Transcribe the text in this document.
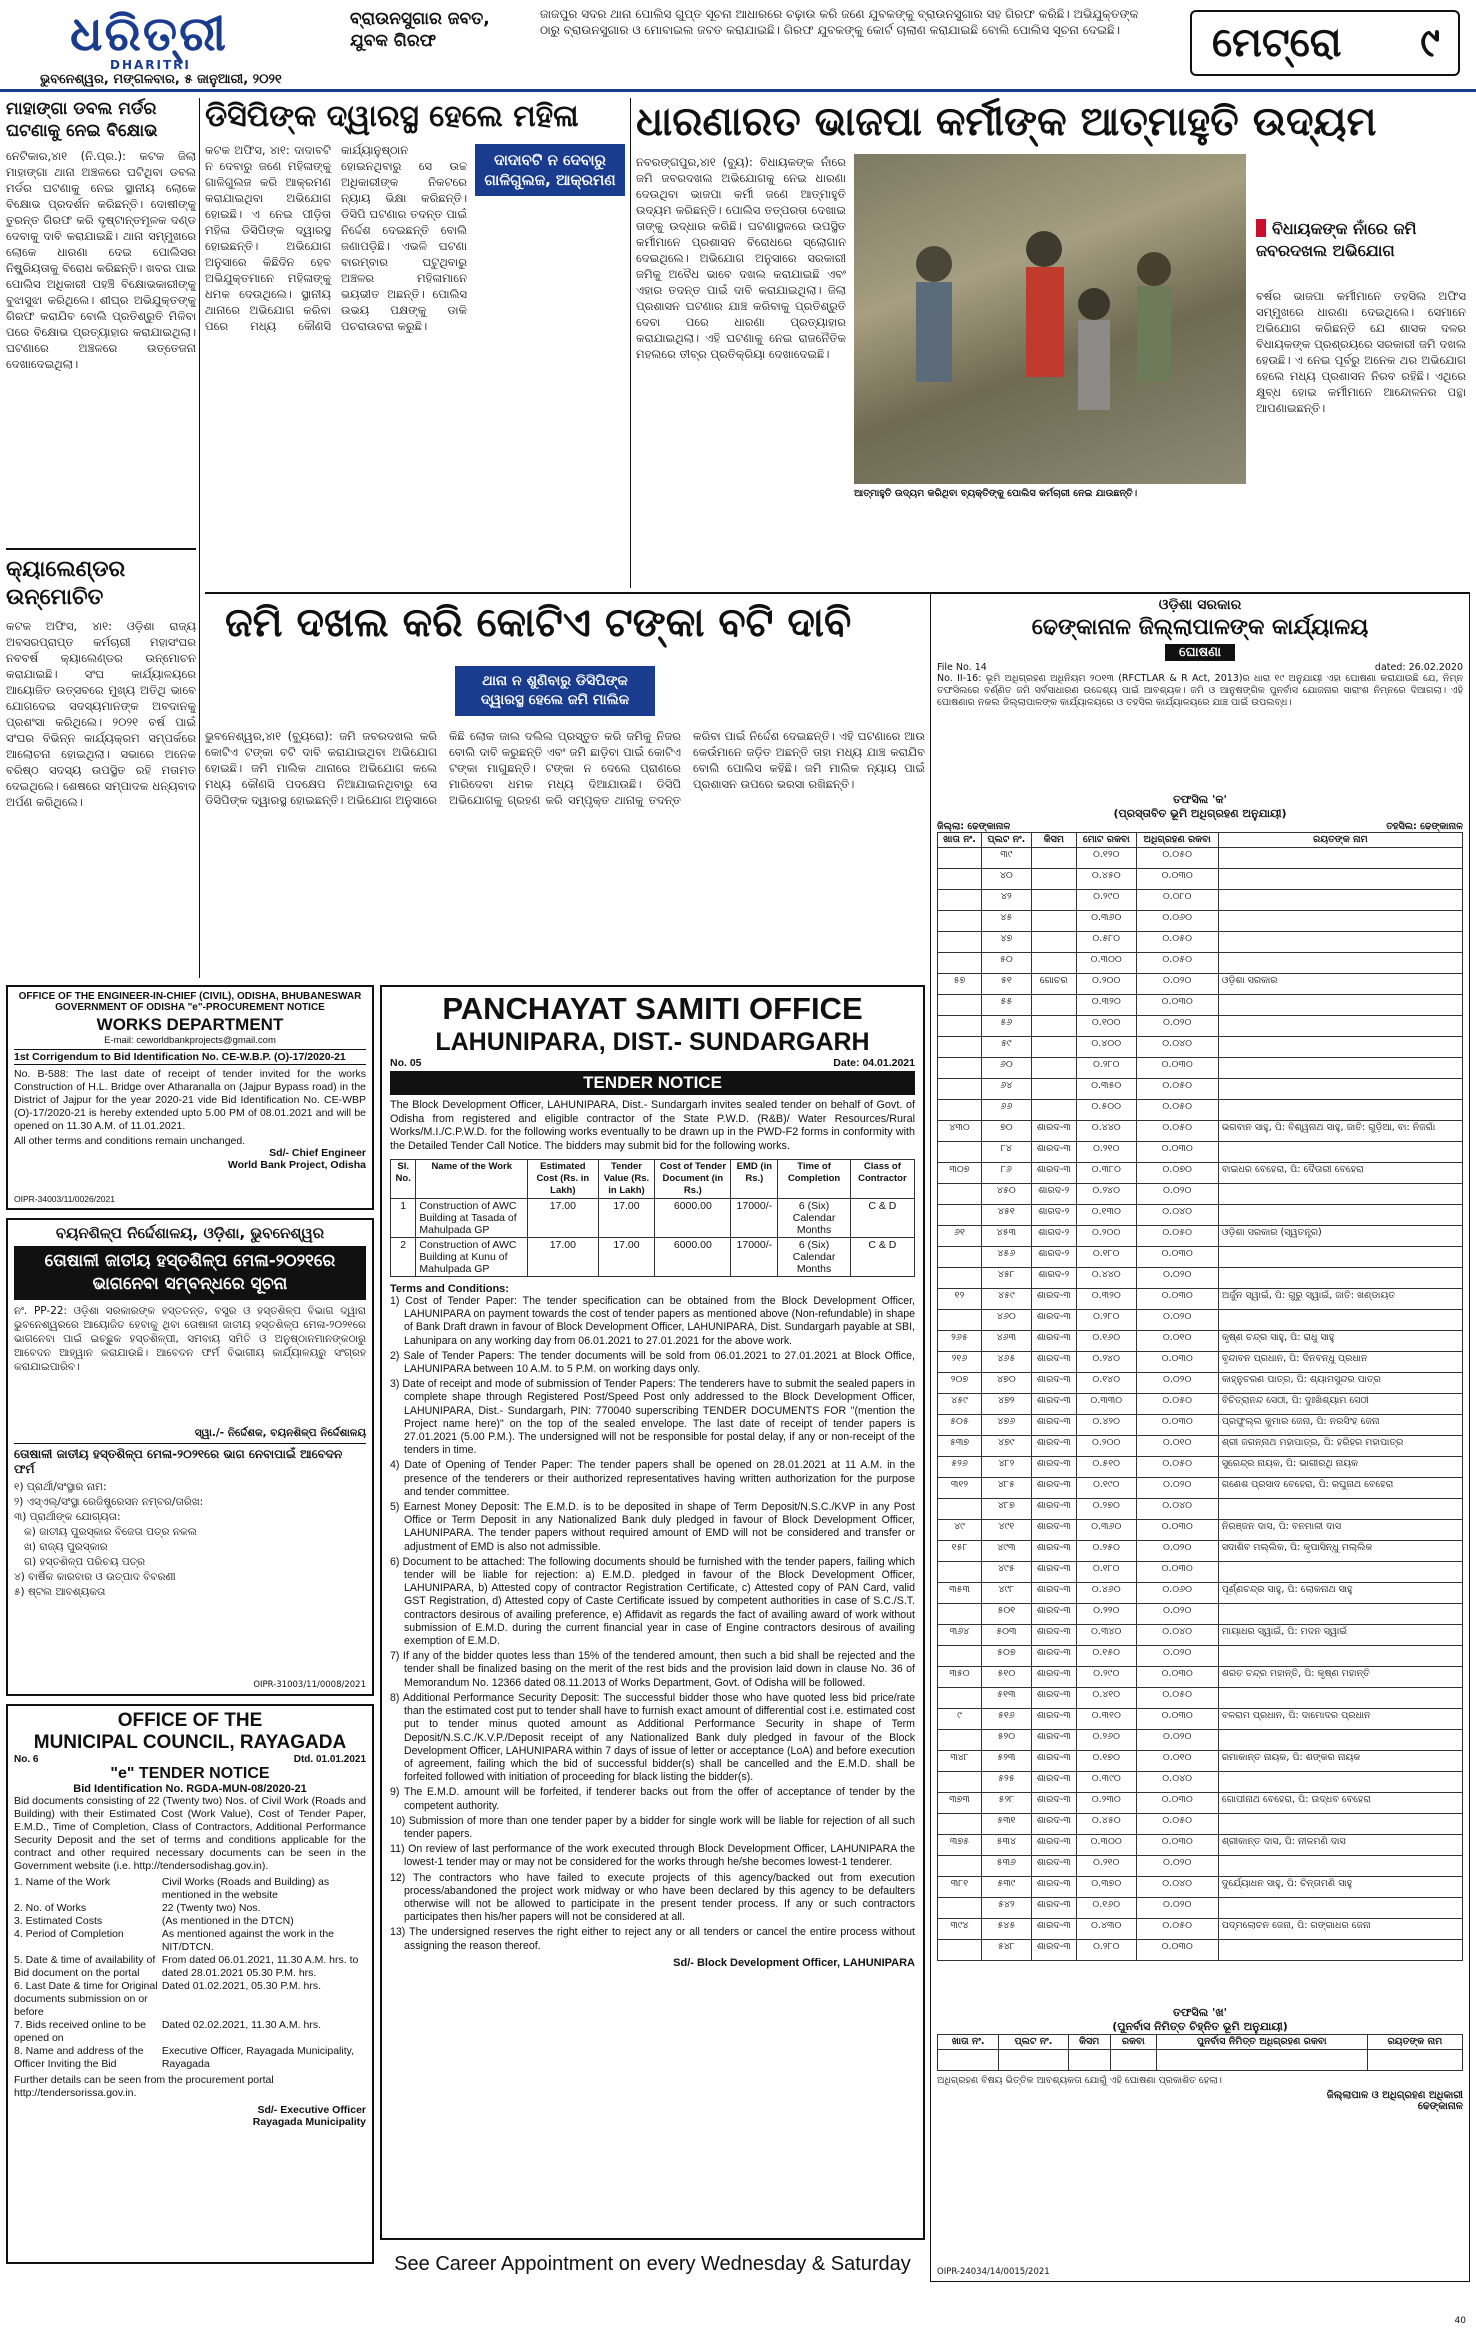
ଧରିତ୍ରୀ
DHARITRI
ଭୁବନେଶ୍ୱର, ମଙ୍ଗଳବାର, ୫ ଜାନୁଆରୀ, ୨୦୨୧
ବ୍ରାଉନସୁଗାର ଜବତ, ଯୁବକ ଗିରଫ
ଜାଜପୁର ସଦର ଥାନା ପୋଲିସ ଗୁପ୍ତ ସୂଚନା ଆଧାରରେ ଚଢ଼ାଉ କରି ଜଣେ ଯୁବକଙ୍କୁ ବ୍ରାଉନସୁଗାର ସହ ଗିରଫ କରିଛି। ଅଭିଯୁକ୍ତଙ୍କ ଠାରୁ ବ୍ରାଉନସୁଗାର ଓ ମୋବାଇଲ ଜବତ କରାଯାଇଛି। ଗିରଫ ଯୁବକଙ୍କୁ କୋର୍ଟ ଚାଲାଣ କରାଯାଇଛି ବୋଲି ପୋଲିସ ସୂଚନା ଦେଇଛି।	ମେଟ୍ରୋ ୯
ମାହାଙ୍ଗା ଡବଲ ମର୍ଡର ଘଟଣାକୁ ନେଇ ବିକ୍ଷୋଭ
ନେଟିକାର,୪ା୧ (ନି.ପ୍ର.): କଟକ ଜିଲା ମାହାଙ୍ଗା ଥାନା ଅଞ୍ଚଳରେ ଘଟିଥିବା ଡବଲ ମର୍ଡର ଘଟଣାକୁ ନେଇ ସ୍ଥାନୀୟ ଲୋକେ ବିକ୍ଷୋଭ ପ୍ରଦର୍ଶନ କରିଛନ୍ତି। ଦୋଷୀଙ୍କୁ ତୁରନ୍ତ ଗିରଫ କରି ଦୃଷ୍ଟାନ୍ତମୂଳକ ଦଣ୍ଡ ଦେବାକୁ ଦାବି କରାଯାଇଛି। ଥାନା ସମ୍ମୁଖରେ ଲୋକେ ଧାରଣା ଦେଇ ପୋଲିସର ନିଷ୍କ୍ରିୟତାକୁ ବିରୋଧ କରିଛନ୍ତି। ଖବର ପାଇ ପୋଲିସ ଅଧିକାରୀ ପହଞ୍ଚି ବିକ୍ଷୋଭକାରୀଙ୍କୁ ବୁଝାସୁଝା କରିଥିଲେ। ଶୀଘ୍ର ଅଭିଯୁକ୍ତଙ୍କୁ ଗିରଫ କରାଯିବ ବୋଲି ପ୍ରତିଶ୍ରୁତି ମିଳିବା ପରେ ବିକ୍ଷୋଭ ପ୍ରତ୍ୟାହାର କରାଯାଇଥିଲା। ଘଟଣାରେ ଅଞ୍ଚଳରେ ଉତ୍ତେଜନା ଦେଖାଦେଇଥିଲା।
କ୍ୟାଲେଣ୍ଡର ଉନ୍ମୋଚିତ
କଟକ ଅଫିସ, ୪ା୧: ଓଡ଼ିଶା ରାଜ୍ୟ ଅବସରପ୍ରାପ୍ତ କର୍ମଚାରୀ ମହାସଂଘର ନବବର୍ଷ କ୍ୟାଲେଣ୍ଡର ଉନ୍ମୋଚନ କରାଯାଇଛି। ସଂଘ କାର୍ଯ୍ୟାଳୟରେ ଆୟୋଜିତ ଉତ୍ସବରେ ମୁଖ୍ୟ ଅତିଥି ଭାବେ ଯୋଗଦେଇ ସଦସ୍ୟମାନଙ୍କ ଅବଦାନକୁ ପ୍ରଶଂସା କରିଥିଲେ। ୨୦୨୧ ବର୍ଷ ପାଇଁ ସଂଘର ବିଭିନ୍ନ କାର୍ଯ୍ୟକ୍ରମ ସମ୍ପର୍କରେ ଆଲୋଚନା ହୋଇଥିଲା। ସଭାରେ ଅନେକ ବରିଷ୍ଠ ସଦସ୍ୟ ଉପସ୍ଥିତ ରହି ମତାମତ ଦେଇଥିଲେ। ଶେଷରେ ସମ୍ପାଦକ ଧନ୍ୟବାଦ ଅର୍ପଣ କରିଥିଲେ।
ଡିସିପିଙ୍କ ଦ୍ୱାରସ୍ଥ ହେଲେ ମହିଳା
ଦାଦାବଟି ନ ଦେବାରୁ ଗାଳିଗୁଲଜ, ଆକ୍ରମଣ
କଟକ ଅଫିସ, ୪ା୧: ଦାଦାବଟି ନ ଦେବାରୁ ଜଣେ ମହିଳାଙ୍କୁ ଗାଳିଗୁଲଜ କରି ଆକ୍ରମଣ କରାଯାଇଥିବା ଅଭିଯୋଗ ହୋଇଛି। ଏ ନେଇ ପୀଡ଼ିତା ମହିଳା ଡିସିପିଙ୍କ ଦ୍ୱାରସ୍ଥ ହୋଇଛନ୍ତି। ଅଭିଯୋଗ ଅନୁସାରେ କିଛିଦିନ ହେବ ଅଭିଯୁକ୍ତମାନେ ମହିଳାଙ୍କୁ ଧମକ ଦେଉଥିଲେ। ସ୍ଥାନୀୟ ଥାନାରେ ଅଭିଯୋଗ କରିବା ପରେ ମଧ୍ୟ କୌଣସି କାର୍ଯ୍ୟାନୁଷ୍ଠାନ ହୋଇନଥିବାରୁ ସେ ଉଚ୍ଚ ଅଧିକାରୀଙ୍କ ନିକଟରେ ନ୍ୟାୟ ଭିକ୍ଷା କରିଛନ୍ତି। ଡିସିପି ଘଟଣାର ତଦନ୍ତ ପାଇଁ ନିର୍ଦ୍ଦେଶ ଦେଇଛନ୍ତି ବୋଲି ଜଣାପଡ଼ିଛି। ଏଭଳି ଘଟଣା ବାରମ୍ବାର ଘଟୁଥିବାରୁ ଅଞ୍ଚଳର ମହିଳାମାନେ ଭୟଭୀତ ଅଛନ୍ତି। ପୋଲିସ ଉଭୟ ପକ୍ଷଙ୍କୁ ଡାକି ପଚରାଉଚରା କରୁଛି।
ଧାରଣାରତ ଭାଜପା କର୍ମୀଙ୍କ ଆତ୍ମାହୁତି ଉଦ୍ୟମ
ନବରଙ୍ଗପୁର,୪ା୧ (ବ୍ୟୁ): ବିଧାୟକଙ୍କ ନାଁରେ ଜମି ଜବରଦଖଲ ଅଭିଯୋଗକୁ ନେଇ ଧାରଣା ଦେଉଥିବା ଭାଜପା କର୍ମୀ ଜଣେ ଆତ୍ମାହୁତି ଉଦ୍ୟମ କରିଛନ୍ତି। ପୋଲିସ ତତ୍ପରତା ଦେଖାଇ ତାଙ୍କୁ ଉଦ୍ଧାର କରିଛି। ଘଟଣାସ୍ଥଳରେ ଉପସ୍ଥିତ କର୍ମୀମାନେ ପ୍ରଶାସନ ବିରୋଧରେ ସ୍ଲୋଗାନ ଦେଇଥିଲେ। ଅଭିଯୋଗ ଅନୁସାରେ ସରକାରୀ ଜମିକୁ ଅବୈଧ ଭାବେ ଦଖଲ କରାଯାଇଛି ଏବଂ ଏହାର ତଦନ୍ତ ପାଇଁ ଦାବି କରାଯାଇଥିଲା। ଜିଲା ପ୍ରଶାସନ ଘଟଣାର ଯାଞ୍ଚ କରିବାକୁ ପ୍ରତିଶ୍ରୁତି ଦେବା ପରେ ଧାରଣା ପ୍ରତ୍ୟାହାର କରାଯାଇଥିଲା। ଏହି ଘଟଣାକୁ ନେଇ ରାଜନୈତିକ ମହଲରେ ତୀବ୍ର ପ୍ରତିକ୍ରିୟା ଦେଖାଦେଇଛି।
ଆତ୍ମାହୁତି ଉଦ୍ୟମ କରିଥିବା ବ୍ୟକ୍ତିଙ୍କୁ ପୋଲିସ କର୍ମଚାରୀ ନେଇ ଯାଉଛନ୍ତି।
ବିଧାୟକଙ୍କ ନାଁରେ ଜମି ଜବରଦଖଲ ଅଭିଯୋଗ
ବର୍ଷର ଭାଜପା କର୍ମୀମାନେ ତହସିଲ ଅଫିସ ସମ୍ମୁଖରେ ଧାରଣା ଦେଇଥିଲେ। ସେମାନେ ଅଭିଯୋଗ କରିଛନ୍ତି ଯେ ଶାସକ ଦଳର ବିଧାୟକଙ୍କ ପ୍ରଶ୍ରୟରେ ସରକାରୀ ଜମି ଦଖଲ ହେଉଛି। ଏ ନେଇ ପୂର୍ବରୁ ଅନେକ ଥର ଅଭିଯୋଗ ହେଲେ ମଧ୍ୟ ପ୍ରଶାସନ ନିରବ ରହିଛି। ଏଥିରେ କ୍ଷୁବ୍ଧ ହୋଇ କର୍ମୀମାନେ ଆନ୍ଦୋଳନର ପନ୍ଥା ଆପଣାଇଛନ୍ତି।
ଜମି ଦଖଲ କରି କୋଟିଏ ଟଙ୍କା ବଟି ଦାବି
ଥାନା ନ ଶୁଣିବାରୁ ଡିସିପିଙ୍କ ଦ୍ୱାରସ୍ଥ ହେଲେ ଜମି ମାଲିକ
ଭୁବନେଶ୍ୱର,୪ା୧ (ବ୍ୟୁରୋ): ଜମି ଜବରଦଖଲ କରି କୋଟିଏ ଟଙ୍କା ବଟି ଦାବି କରାଯାଇଥିବା ଅଭିଯୋଗ ହୋଇଛି। ଜମି ମାଲିକ ଥାନାରେ ଅଭିଯୋଗ କଲେ ମଧ୍ୟ କୌଣସି ପଦକ୍ଷେପ ନିଆଯାଇନଥିବାରୁ ସେ ଡିସିପିଙ୍କ ଦ୍ୱାରସ୍ଥ ହୋଇଛନ୍ତି। ଅଭିଯୋଗ ଅନୁସାରେ କିଛି ଲୋକ ଜାଲ ଦଲିଲ ପ୍ରସ୍ତୁତ କରି ଜମିକୁ ନିଜର ବୋଲି ଦାବି କରୁଛନ୍ତି ଏବଂ ଜମି ଛାଡ଼ିବା ପାଇଁ କୋଟିଏ ଟଙ୍କା ମାଗୁଛନ୍ତି। ଟଙ୍କା ନ ଦେଲେ ପ୍ରାଣରେ ମାରିଦେବା ଧମକ ମଧ୍ୟ ଦିଆଯାଉଛି। ଡିସିପି ଅଭିଯୋଗକୁ ଗ୍ରହଣ କରି ସମ୍ପୃକ୍ତ ଥାନାକୁ ତଦନ୍ତ କରିବା ପାଇଁ ନିର୍ଦ୍ଦେଶ ଦେଇଛନ୍ତି। ଏହି ଘଟଣାରେ ଆଉ କେଉଁମାନେ ଜଡ଼ିତ ଅଛନ୍ତି ତାହା ମଧ୍ୟ ଯାଞ୍ଚ କରାଯିବ ବୋଲି ପୋଲିସ କହିଛି। ଜମି ମାଲିକ ନ୍ୟାୟ ପାଇଁ ପ୍ରଶାସନ ଉପରେ ଭରସା ରଖିଛନ୍ତି।
OFFICE OF THE ENGINEER-IN-CHIEF (CIVIL), ODISHA, BHUBANESWAR
GOVERNMENT OF ODISHA "e"-PROCUREMENT NOTICE
WORKS DEPARTMENT
E-mail: ceworldbankprojects@gmail.com
1st Corrigendum to Bid Identification No. CE-W.B.P. (O)-17/2020-21
No. B-588: The last date of receipt of tender invited for the works Construction of H.L. Bridge over Atharanalla on (Jajpur Bypass road) in the District of Jajpur for the year 2020-21 vide Bid Identification No. CE-WBP (O)-17/2020-21 is hereby extended upto 5.00 PM of 08.01.2021 and will be opened on 11.30 A.M. of 11.01.2021.
All other terms and conditions remain unchanged.
Sd/- Chief Engineer
World Bank Project, Odisha
OIPR-34003/11/0026/2021
ବୟନଶିଳ୍ପ ନିର୍ଦ୍ଦେଶାଳୟ, ଓଡ଼ିଶା, ଭୁବନେଶ୍ୱର
ତୋଷାଳୀ ଜାତୀୟ ହସ୍ତଶିଳ୍ପ ମେଳା-୨୦୨୧ରେ ଭାଗନେବା ସମ୍ବନ୍ଧରେ ସୂଚନା
ନଂ. PP-22: ଓଡ଼ିଶା ସରକାରଙ୍କ ହସ୍ତତନ୍ତ, ବସ୍ତ୍ର ଓ ହସ୍ତଶିଳ୍ପ ବିଭାଗ ଦ୍ୱାରା ଭୁବନେଶ୍ୱରରେ ଆୟୋଜିତ ହେବାକୁ ଥିବା ତୋଷାଳୀ ଜାତୀୟ ହସ୍ତଶିଳ୍ପ ମେଳା-୨୦୨୧ରେ ଭାଗନେବା ପାଇଁ ଇଚ୍ଛୁକ ହସ୍ତଶିଳ୍ପୀ, ସମବାୟ ସମିତି ଓ ଅନୁଷ୍ଠାନମାନଙ୍କଠାରୁ ଆବେଦନ ଆହ୍ୱାନ କରାଯାଉଛି। ଆବେଦନ ଫର୍ମ ବିଭାଗୀୟ କାର୍ଯ୍ୟାଳୟରୁ ସଂଗ୍ରହ କରାଯାଇପାରିବ।
ସ୍ୱା./- ନିର୍ଦ୍ଦେଶକ, ବୟନଶିଳ୍ପ ନିର୍ଦ୍ଦେଶାଳୟ
ତୋଷାଳୀ ଜାତୀୟ ହସ୍ତଶିଳ୍ପ ମେଳା-୨୦୨୧ରେ ଭାଗ ନେବାପାଇଁ ଆବେଦନ ଫର୍ମ
୧) ପ୍ରାର୍ଥୀ/ସଂସ୍ଥାର ନାମ:
୨) ଏସ୍ଏଲ୍/ସଂସ୍ଥା ରେଜିଷ୍ଟ୍ରେସନ ନମ୍ବର/ତାରିଖ:
୩) ପ୍ରାର୍ଥୀଙ୍କ ଯୋଗ୍ୟତା:
କ) ଜାତୀୟ ପୁରସ୍କାର ବିଜେତା ପତ୍ର ନକଲ
ଖ) ରାଜ୍ୟ ପୁରସ୍କାର
ଗ) ହସ୍ତଶିଳ୍ପ ପରିଚୟ ପତ୍ର
୪) ବାର୍ଷିକ କାରବାର ଓ ଉତ୍ପାଦ ବିବରଣୀ
୫) ଷ୍ଟଲ ଆବଶ୍ୟକତା
OIPR-31003/11/0008/2021
OFFICE OF THE
MUNICIPAL COUNCIL, RAYAGADA
No. 6	Dtd. 01.01.2021
"e" TENDER NOTICE
Bid Identification No. RGDA-MUN-08/2020-21
Bid documents consisting of 22 (Twenty two) Nos. of Civil Work (Roads and Building) with their Estimated Cost (Work Value), Cost of Tender Paper, E.M.D., Time of Completion, Class of Contractors, Additional Performance Security Deposit and the set of terms and conditions applicable for the contract and other required necessary documents can be seen in the Government website (i.e. http://tendersodishag.gov.in).
1. Name of the Work	Civil Works (Roads and Building) as mentioned in the website
2. No. of Works	22 (Twenty two) Nos.
3. Estimated Costs	(As mentioned in the DTCN)
4. Period of Completion	As mentioned against the work in the NIT/DTCN.
5. Date & time of availability of Bid document on the portal	From dated 06.01.2021, 11.30 A.M. hrs. to dated 28.01.2021 05.30 P.M. hrs.
6. Last Date & time for Original documents submission on or before	Dated 01.02.2021, 05.30 P.M. hrs.
7. Bids received online to be opened on	Dated 02.02.2021, 11.30 A.M. hrs.
8. Name and address of the Officer Inviting the Bid	Executive Officer, Rayagada Municipality, Rayagada
Further details can be seen from the procurement portal http://tendersorissa.gov.in.
Sd/- Executive Officer
Rayagada Municipality
PANCHAYAT SAMITI OFFICE
LAHUNIPARA, DIST.- SUNDARGARH
No. 05	Date: 04.01.2021
TENDER NOTICE
The Block Development Officer, LAHUNIPARA, Dist.- Sundargarh invites sealed tender on behalf of Govt. of Odisha from registered and eligible contractor of the State P.W.D. (R&B)/ Water Resources/Rural Works/M.I./C.P.W.D. for the following works eventually to be drawn up in the PWD-F2 forms in conformity with the Detailed Tender Call Notice. The bidders may submit bid for the following works.
Sl. No.	Name of the Work	Estimated Cost (Rs. in Lakh)	Tender Value (Rs. in Lakh)	Cost of Tender Document (in Rs.)	EMD (in Rs.)	Time of Completion	Class of Contractor
1	Construction of AWC Building at Tasada of Mahulpada GP	17.00	17.00	6000.00	17000/-	6 (Six) Calendar Months	C & D
2	Construction of AWC Building at Kunu of Mahulpada GP	17.00	17.00	6000.00	17000/-	6 (Six) Calendar Months	C & D
Terms and Conditions:
1) Cost of Tender Paper: The tender specification can be obtained from the Block Development Officer, LAHUNIPARA on payment towards the cost of tender papers as mentioned above (Non-refundable) in shape of Bank Draft drawn in favour of Block Development Officer, LAHUNIPARA, Dist. Sundargarh payable at SBI, Lahunipara on any working day from 06.01.2021 to 27.01.2021 for the above work.
2) Sale of Tender Papers: The tender documents will be sold from 06.01.2021 to 27.01.2021 at Block Office, LAHUNIPARA between 10 A.M. to 5 P.M. on working days only.
3) Date of receipt and mode of submission of Tender Papers: The tenderers have to submit the sealed papers in complete shape through Registered Post/Speed Post only addressed to the Block Development Officer, LAHUNIPARA, Dist.- Sundargarh, PIN: 770040 superscribing TENDER DOCUMENTS FOR "(mention the Project name here)" on the top of the sealed envelope. The last date of receipt of tender papers is 27.01.2021 (5.00 P.M.). The undersigned will not be responsible for postal delay, if any or non-receipt of the tenders in time.
4) Date of Opening of Tender Paper: The tender papers shall be opened on 28.01.2021 at 11 A.M. in the presence of the tenderers or their authorized representatives having written authorization for the purpose and tender committee.
5) Earnest Money Deposit: The E.M.D. is to be deposited in shape of Term Deposit/N.S.C./KVP in any Post Office or Term Deposit in any Nationalized Bank duly pledged in favour of Block Development Officer, LAHUNIPARA. The tender papers without required amount of EMD will not be considered and transfer or adjustment of EMD is also not admissible.
6) Document to be attached: The following documents should be furnished with the tender papers, failing which tender will be liable for rejection: a) E.M.D. pledged in favour of the Block Development Officer, LAHUNIPARA, b) Attested copy of contractor Registration Certificate, c) Attested copy of PAN Card, valid GST Registration, d) Attested copy of Caste Certificate issued by competent authorities in case of S.C./S.T. contractors desirous of availing preference, e) Affidavit as regards the fact of availing award of work without submission of E.M.D. during the current financial year in case of Engine contractors desirous of availing exemption of E.M.D.
7) If any of the bidder quotes less than 15% of the tendered amount, then such a bid shall be rejected and the tender shall be finalized basing on the merit of the rest bids and the provision laid down in clause No. 36 of Memorandum No. 12366 dated 08.11.2013 of Works Department, Govt. of Odisha will be followed.
8) Additional Performance Security Deposit: The successful bidder those who have quoted less bid price/rate than the estimated cost put to tender shall have to furnish exact amount of differential cost i.e. estimated cost put to tender minus quoted amount as Additional Performance Security in shape of Term Deposit/N.S.C./K.V.P./Deposit receipt of any Nationalized Bank duly pledged in favour of the Block Development Officer, LAHUNIPARA within 7 days of issue of letter or acceptance (LoA) and before execution of agreement, failing which the bid of successful bidder(s) shall be cancelled and the E.M.D. shall be forfeited followed with initiation of proceeding for black listing the bidder(s).
9) The E.M.D. amount will be forfeited, if tenderer backs out from the offer of acceptance of tender by the competent authority.
10) Submission of more than one tender paper by a bidder for single work will be liable for rejection of all such tender papers.
11) On review of last performance of the work executed through Block Development Officer, LAHUNIPARA the lowest-1 tender may or may not be considered for the works through he/she becomes lowest-1 tenderer.
12) The contractors who have failed to execute projects of this agency/backed out from execution process/abandoned the project work midway or who have been declared by this agency to be defaulters otherwise will not be allowed to participate in the present tender process. If any or such contractors participates then his/her papers will not be considered at all.
13) The undersigned reserves the right either to reject any or all tenders or cancel the entire process without assigning the reason thereof.
Sd/- Block Development Officer, LAHUNIPARA
See Career Appointment on every Wednesday & Saturday
ଓଡ଼ିଶା ସରକାର
ଢେଙ୍କାନାଳ ଜିଲ୍ଲାପାଳଙ୍କ କାର୍ଯ୍ୟାଳୟ
ଘୋଷଣା
File No. 14	dated: 26.02.2020
No. II-16: ଭୂମି ଅଧିଗ୍ରହଣ ଅଧିନିୟମ ୨୦୧୩ (RFCTLAR & R Act, 2013)ର ଧାରା ୧୯ ଅନୁଯାୟୀ ଏହା ଘୋଷଣା କରାଯାଉଛି ଯେ, ନିମ୍ନ ତଫସିଲରେ ବର୍ଣ୍ଣିତ ଜମି ସର୍ବସାଧାରଣ ଉଦ୍ଦେଶ୍ୟ ପାଇଁ ଆବଶ୍ୟକ। ଜମି ଓ ଆନୁଷଙ୍ଗିକ ପୁନର୍ବାସ ଯୋଜନାର ସାରାଂଶ ନିମ୍ନରେ ଦିଆଗଲା। ଏହି ଘୋଷଣାର ନକଲ ଜିଲ୍ଲାପାଳଙ୍କ କାର୍ଯ୍ୟାଳୟରେ ଓ ତହସିଲ କାର୍ଯ୍ୟାଳୟରେ ଯାଞ୍ଚ ପାଇଁ ଉପଲବ୍ଧ।
ତଫସିଲ 'କ'
(ପ୍ରସ୍ତାବିତ ଭୂମି ଅଧିଗ୍ରହଣ ଅନୁଯାୟୀ)
ଜିଲ୍ଲା: ଢେଙ୍କାନାଳ	ତହସିଲ: ଢେଙ୍କାନାଳ
ଖାତା ନଂ.	ପ୍ଲଟ ନଂ.	କିସମ	ମୋଟ ରକବା	ଅଧିଗ୍ରହଣ ରକବା	ରୟତଙ୍କ ନାମ
	୩୯		୦.୧୨୦	୦.୦୫୦	
	୪୦		୦.୪୫୦	୦.୦୩୦	
	୪୨		୦.୨୯୦	୦.୦୮୦	
	୪୫		୦.୩୬୦	୦.୦୬୦	
	୪୭		୦.୫୮୦	୦.୦୫୦	
	୫୦		୦.୩୦୦	୦.୦୫୦	
୫୭	୫୧	ଗୋଚର	୦.୨୦୦	୦.୦୨୦	ଓଡ଼ିଶା ସରକାର
	୫୫		୦.୩୨୦	୦.୦୩୦	
	୫୬		୦.୧୦୦	୦.୦୨୦	
	୫୯		୦.୪୦୦	୦.୦୪୦	
	୬୦		୦.୨୮୦	୦.୦୩୦	
	୬୪		୦.୩୫୦	୦.୦୫୦	
	୬୬		୦.୫୦୦	୦.୦୫୦	
୪୩୦	୭୦	ଶାରଦ-୩	୦.୪୪୦	୦.୦୫୦	ଭଗବାନ ସାହୁ, ପି: ବିଶ୍ୱନାଥ ସାହୁ, ଜାତି: ଗୁଡ଼ିଆ, ବା: ନିଜଗାଁ
	୮୪	ଶାରଦ-୩	୦.୨୧୦	୦.୦୩୦	
୩୦୭	୮୬	ଶାରଦ-୩	୦.୩୮୦	୦.୦୭୦	ବାଇଧର ବେହେରା, ପି: ଦୈତାରୀ ବେହେରା
	୪୫୦	ଶାରଦ-୨	୦.୨୪୦	୦.୦୨୦	
	୪୫୧	ଶାରଦ-୨	୦.୧୩୦	୦.୦୪୦	
୬୧	୪୫୩	ଶାରଦ-୨	୦.୨୦୦	୦.୦୫୦	ଓଡ଼ିଶା ସରକାର (ସ୍ୱତନ୍ତ୍ର)
	୪୫୬	ଶାରଦ-୨	୦.୧୮୦	୦.୦୩୦	
	୪୫୮	ଶାରଦ-୨	୦.୪୪୦	୦.୦୨୦	
୧୨	୪୫୯	ଶାରଦ-୩	୦.୩୨୦	୦.୦୩୦	ଅର୍ଜୁନ ସ୍ୱାଇଁ, ପି: ଗୁରୁ ସ୍ୱାଇଁ, ଜାତି: ଖଣ୍ଡାୟତ
	୪୬୦	ଶାରଦ-୩	୦.୨୮୦	୦.୦୨୦	
୨୬୫	୪୬୩	ଶାରଦ-୩	୦.୧୬୦	୦.୦୧୦	କୃଷ୍ଣ ଚନ୍ଦ୍ର ସାହୁ, ପି: ରାଧୁ ସାହୁ
୨୧୬	୪୬୫	ଶାରଦ-୩	୦.୨୪୦	୦.୦୩୦	ବୃନ୍ଦାବନ ପ୍ରଧାନ, ପି: ଦିନବନ୍ଧୁ ପ୍ରଧାନ
୨୦୭	୪୭୦	ଶାରଦ-୩	୦.୧୪୦	୦.୦୨୦	କାହ୍ନୁଚରଣ ପାତ୍ର, ପି: ଶ୍ୟାମସୁନ୍ଦର ପାତ୍ର
୪୫୯	୪୭୨	ଶାରଦ-୩	୦.୩୩୦	୦.୦୫୦	ବିଚିତ୍ରାନନ୍ଦ ସେଠୀ, ପି: ଦୁଃଖିଶ୍ୟାମ ସେଠୀ
୫୦୫	୪୭୬	ଶାରଦ-୩	୦.୪୨୦	୦.୦୩୦	ପ୍ରଫୁଲ୍ଲ କୁମାର ଜେନା, ପି: ନରସିଂହ ଜେନା
୫୩୭	୪୭୯	ଶାରଦ-୩	୦.୨୦୦	୦.୦୧୦	ଶ୍ରୀ ଜଗନ୍ନାଥ ମହାପାତ୍ର, ପି: ହରିହର ମହାପାତ୍ର
୫୨୬	୪୮୨	ଶାରଦ-୩	୦.୫୧୦	୦.୦୫୦	ସୁରେନ୍ଦ୍ର ନାୟକ, ପି: ଭାଗୀରଥି ନାୟକ
୩୧୨	୪୮୫	ଶାରଦ-୩	୦.୧୯୦	୦.୦୨୦	ଗଣେଶ ପ୍ରସାଦ ବେହେରା, ପି: ରଘୁନାଥ ବେହେରା
	୪୮୭	ଶାରଦ-୩	୦.୨୭୦	୦.୦୪୦	
୪୯	୪୯୧	ଶାରଦ-୩	୦.୩୬୦	୦.୦୩୦	ନିରଞ୍ଜନ ଦାସ, ପି: ବନମାଳୀ ଦାସ
୧୫୮	୪୯୩	ଶାରଦ-୩	୦.୨୫୦	୦.୦୨୦	ସଦାଶିବ ମଲ୍ଲିକ, ପି: କୃପାସିନ୍ଧୁ ମଲ୍ଲିକ
	୪୯୫	ଶାରଦ-୩	୦.୧୮୦	୦.୦୩୦	
୩୫୩	୪୯୮	ଶାରଦ-୩	୦.୪୬୦	୦.୦୬୦	ପୂର୍ଣ୍ଣଚନ୍ଦ୍ର ସାହୁ, ପି: ଲୋକନାଥ ସାହୁ
	୫୦୧	ଶାରଦ-୩	୦.୨୨୦	୦.୦୨୦	
୩୬୪	୫୦୩	ଶାରଦ-୩	୦.୩୪୦	୦.୦୪୦	ମାୟାଧର ସ୍ୱାଇଁ, ପି: ମଦନ ସ୍ୱାଇଁ
	୫୦୭	ଶାରଦ-୩	୦.୧୫୦	୦.୦୨୦	
୩୫୦	୫୧୦	ଶାରଦ-୩	୦.୨୯୦	୦.୦୩୦	ଶରତ ଚନ୍ଦ୍ର ମହାନ୍ତି, ପି: କୃଷ୍ଣ ମହାନ୍ତି
	୫୧୩	ଶାରଦ-୩	୦.୪୧୦	୦.୦୫୦	
୯	୫୧୬	ଶାରଦ-୩	୦.୩୧୦	୦.୦୩୦	ବଳରାମ ପ୍ରଧାନ, ପି: ଦାମୋଦର ପ୍ରଧାନ
	୫୨୦	ଶାରଦ-୩	୦.୨୬୦	୦.୦୨୦	
୩୪୮	୫୨୩	ଶାରଦ-୩	୦.୧୭୦	୦.୦୧୦	ରମାକାନ୍ତ ନାୟକ, ପି: ଶଙ୍କର ନାୟକ
	୫୨୫	ଶାରଦ-୩	୦.୩୯୦	୦.୦୪୦	
୩୭୩	୫୨୮	ଶାରଦ-୩	୦.୨୩୦	୦.୦୩୦	ଗୋପୀନାଥ ବେହେରା, ପି: ଉଦ୍ଧବ ବେହେରା
	୫୩୧	ଶାରଦ-୩	୦.୪୫୦	୦.୦୫୦	
୩୭୫	୫୩୪	ଶାରଦ-୩	୦.୩୦୦	୦.୦୩୦	ଶ୍ରୀକାନ୍ତ ଦାସ, ପି: ନୀଳମଣି ଦାସ
	୫୩୬	ଶାରଦ-୩	୦.୨୧୦	୦.୦୨୦	
୩୮୧	୫୩୯	ଶାରଦ-୩	୦.୩୭୦	୦.୦୪୦	ଦୁର୍ଯ୍ୟୋଧନ ସାହୁ, ପି: ଚିନ୍ତାମଣି ସାହୁ
	୫୪୨	ଶାରଦ-୩	୦.୧୬୦	୦.୦୨୦	
୩୯୪	୫୪୫	ଶାରଦ-୩	୦.୪୩୦	୦.୦୫୦	ପଦ୍ମଲୋଚନ ଜେନା, ପି: ଗଙ୍ଗାଧର ଜେନା
	୫୪୮	ଶାରଦ-୩	୦.୨୮୦	୦.୦୩୦	
ତଫସିଲ 'ଖ'
(ପୁନର୍ବାସ ନିମିତ୍ତ ଚିହ୍ନିତ ଭୂମି ଅନୁଯାୟୀ)
ଖାତା ନଂ.	ପ୍ଲଟ ନଂ.	କିସମ	ରକବା	ପୁନର୍ବାସ ନିମିତ୍ତ ଅଧିଗ୍ରହଣ ରକବା	ରୟତଙ୍କ ନାମ

ଅଧିଗ୍ରହଣ ବିଷୟ ଭିତ୍ତିକ ଆବଶ୍ୟକତା ଯୋଗୁଁ ଏହି ଘୋଷଣା ପ୍ରକାଶିତ ହେଲା।
ଜିଲ୍ଲାପାଳ ଓ ଅଧିଗ୍ରହଣ ଅଧିକାରୀ
ଢେଙ୍କାନାଳ
OIPR-24034/14/0015/2021
40
